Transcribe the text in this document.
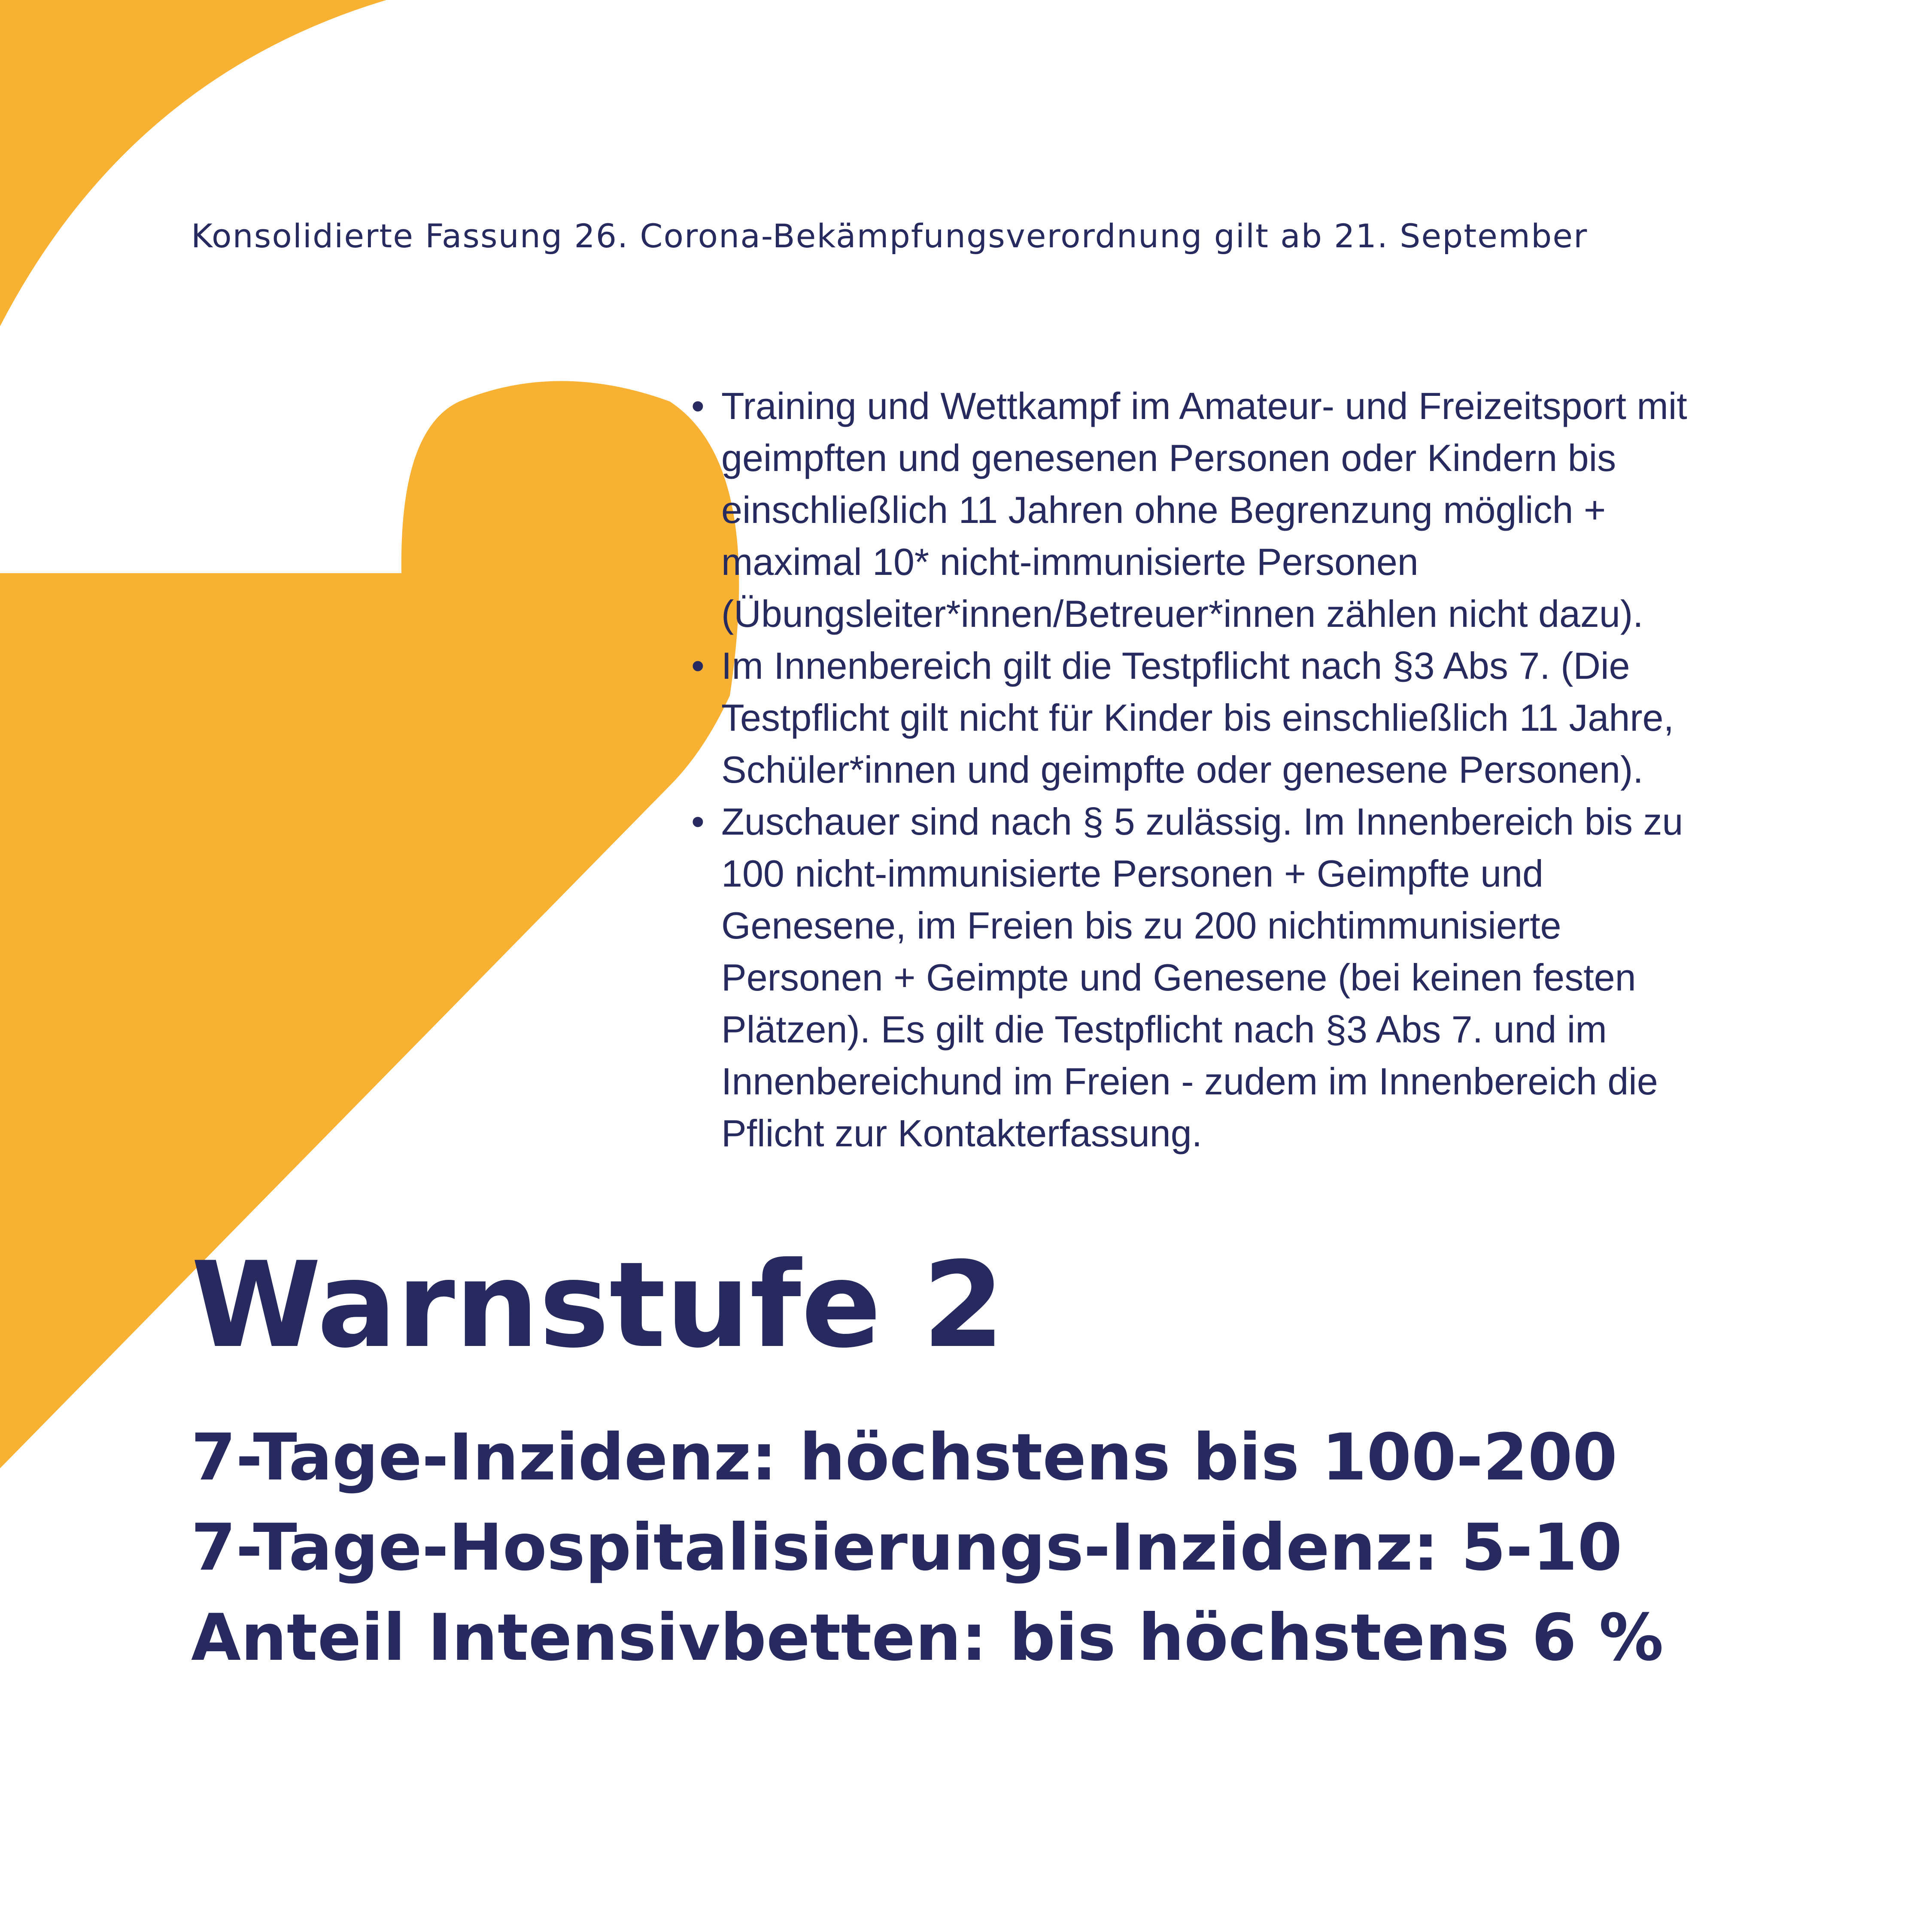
Konsolidierte Fassung 26. Corona-Bekämpfungsverordnung gilt ab 21. September
• Training und Wettkampf im Amateur- und Freizeitsport mit geimpften und genesenen Personen oder Kindern bis einschließlich 11 Jahren ohne Begrenzung möglich + maximal 10* nicht-immunisierte Personen (Übungsleiter*innen/Betreuer*innen zählen nicht dazu).
• Im Innenbereich gilt die Testpflicht nach §3 Abs 7. (Die Testpflicht gilt nicht für Kinder bis einschließlich 11 Jahre, Schüler*innen und geimpfte oder genesene Personen).
• Zuschauer sind nach § 5 zulässig. Im Innenbereich bis zu 100 nicht-immunisierte Personen + Geimpfte und Genesene, im Freien bis zu 200 nichtimmunisierte Personen + Geimpte und Genesene (bei keinen festen Plätzen). Es gilt die Testpflicht nach §3 Abs 7. und im Innenbereichund im Freien - zudem im Innenbereich die Pflicht zur Kontakterfassung.
Warnstufe 2
7-Tage-Inzidenz: höchstens bis 100-200
7-Tage-Hospitalisierungs-Inzidenz: 5-10
Anteil Intensivbetten: bis höchstens 6 %
